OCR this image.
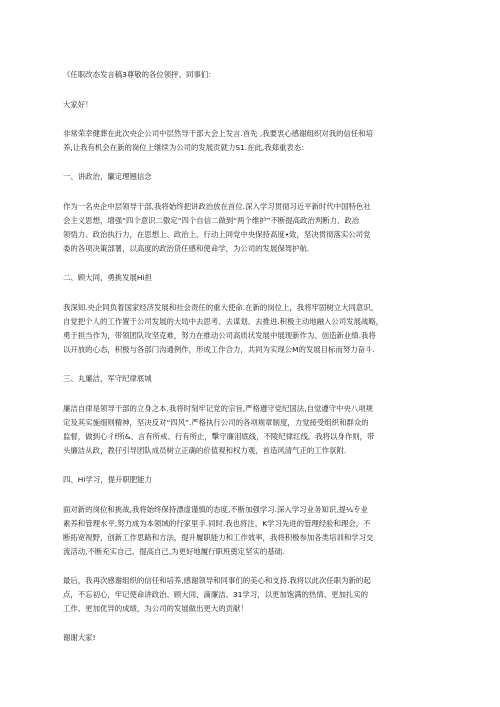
《任职改态发言稿3尊敬的各位领抨、同事们：

大家好！

非常荣幸健葬在此次央企公司中层然导干部大会上发言.首先 ,我要衷心感谢组织对我的信任和培

养,让我有机会在新的岗位上继续为公司的发展贡就力S1.在此,我郑重表态：

一、讲政治，簾定理翘信念

作为一名央企中层领导干部,我将始终把讲政治放在首位.深入学习贯彻习近平新时代中国特色社

会主义思想，增强“四个意识二傲定“四个自信二做到“两个维护”不断提高政治判断力、政冶

领悟力、政治执行力，在思想上、政治上、行动上同党中央保持高度•致，坚决贯彻落实公司党

委的各项决策部署，以高度的政治货任感和使命学，为公司的发展保驾护航.

二、顾大同，勇挑发展Hi担

我深知.央企同负着国家经济发展和社会责任的重大使命.在新的岗位上，我将牢固树立大同意识，

自觉把个人的工作置于公司发展的大局中去思考、去谋划、去推进.积极主动地融入公司发展战略，

勇于担当作为，带领团队攻坚克难，努力在推动公司高质状发展中展现新作为、创造新业绩.我将

以开放的心态，积极与各部门沟通例作，形成工作合力，共同为实现公M的发展目标而努力奋斗.

三、丸廉洁，军守纪律底城

廉洁自律是领导干部的立身之本.我将时刻牢记党的宗旨,严格遵守党纪国法,自觉遵守中央八项规

定及其实施细则精神，坚决反对“四风”.严格执行公司的各项规章制度，力觉接受组织和群众的

监督，做到心彳f所&、言有所戒、行有所止，擊守廉泪底线，不陵纪律红线。我将以身作则，带

头廉洁从政，教仔引导团队成员树立正确的价值观和权力观，首造风清气正的工作氛附.

四、Hi学习，提升职肥能力

面对新的岗位和挑战,我将始终保持漂虚谨慎的态度,不断加强学习.深入学习业务知识,提¼专业

素养和管理水平,努力成为本领域的行家里手.同时.我也将注，K学习先进的管理经验和理会，不

断拓宽视野，创新工作思路和方法，提升履职能力和工作效率，我将积极参加各类培训和学习交

流活动,不断充实自己、提高自己,为更好地履行职班奠定坚实的基础.

最后，我再次感谢组织的信任和培养,感谢领导和同事们的美心和支持.我将以此次任职为新的起

点，不忘初心，牢记使命讲政治、顾大同、滴廉洁、31学习，以更加饱满的热情、更加扎实的

工作、更加优异的成绩，为公司的发展做出更大的贡献！

谢谢大家!
